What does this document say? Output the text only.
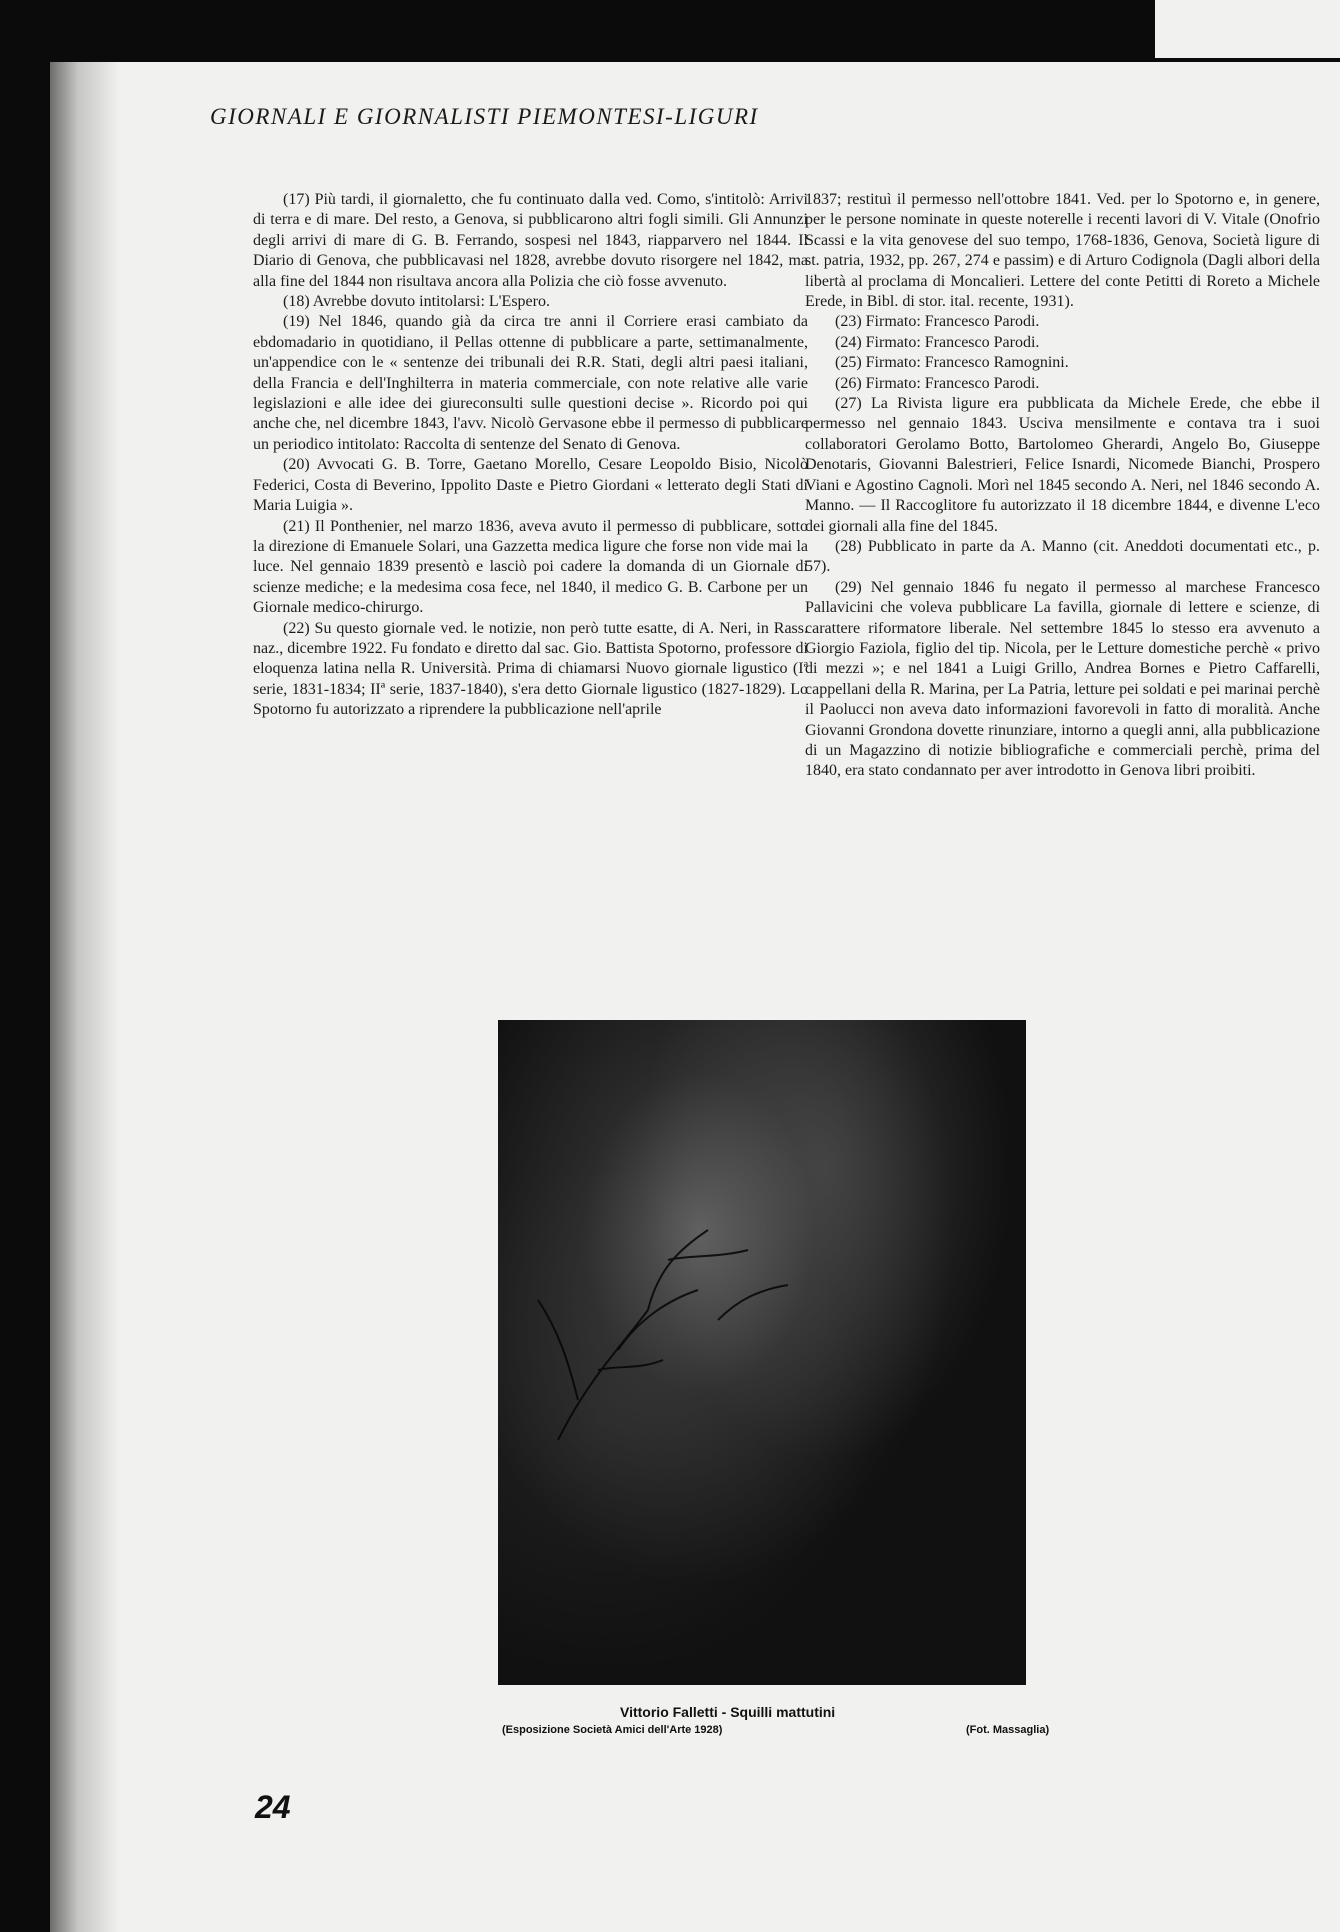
GIORNALI E GIORNALISTI PIEMONTESI-LIGURI

(17) Più tardi, il giornaletto, che fu continuato dalla ved. Como, s'intitolò: Arrivi di terra e di mare. Del resto, a Genova, si pubblicarono altri fogli simili. Gli Annunzi degli arrivi di mare di G. B. Ferrando, sospesi nel 1843, riapparvero nel 1844. Il Diario di Genova, che pubblicavasi nel 1828, avrebbe dovuto risorgere nel 1842, ma alla fine del 1844 non risultava ancora alla Polizia che ciò fosse avvenuto.

(18) Avrebbe dovuto intitolarsi: L'Espero.

(19) Nel 1846, quando già da circa tre anni il Corriere erasi cambiato da ebdomadario in quotidiano, il Pellas ottenne di pubblicare a parte, settimanalmente, un'appendice con le « sentenze dei tribunali dei R.R. Stati, degli altri paesi italiani, della Francia e dell'Inghilterra in materia commerciale, con note relative alle varie legislazioni e alle idee dei giureconsulti sulle questioni decise ». Ricordo poi qui anche che, nel dicembre 1843, l'avv. Nicolò Gervasone ebbe il permesso di pubblicare un periodico intitolato: Raccolta di sentenze del Senato di Genova.

(20) Avvocati G. B. Torre, Gaetano Morello, Cesare Leopoldo Bisio, Nicolò Federici, Costa di Beverino, Ippolito Daste e Pietro Giordani « letterato degli Stati di Maria Luigia ».

(21) Il Ponthenier, nel marzo 1836, aveva avuto il permesso di pubblicare, sotto la direzione di Emanuele Solari, una Gazzetta medica ligure che forse non vide mai la luce. Nel gennaio 1839 presentò e lasciò poi cadere la domanda di un Giornale di scienze mediche; e la medesima cosa fece, nel 1840, il medico G. B. Carbone per un Giornale medico-chirurgo.

(22) Su questo giornale ved. le notizie, non però tutte esatte, di A. Neri, in Rass. naz., dicembre 1922. Fu fondato e diretto dal sac. Gio. Battista Spotorno, professore di eloquenza latina nella R. Università. Prima di chiamarsi Nuovo giornale ligustico (Iª serie, 1831-1834; IIª serie, 1837-1840), s'era detto Giornale ligustico (1827-1829). Lo Spotorno fu autorizzato a riprendere la pubblicazione nell'aprile

1837; restituì il permesso nell'ottobre 1841. Ved. per lo Spotorno e, in genere, per le persone nominate in queste noterelle i recenti lavori di V. Vitale (Onofrio Scassi e la vita genovese del suo tempo, 1768-1836, Genova, Società ligure di st. patria, 1932, pp. 267, 274 e passim) e di Arturo Codignola (Dagli albori della libertà al proclama di Moncalieri. Lettere del conte Petitti di Roreto a Michele Erede, in Bibl. di stor. ital. recente, 1931).

(23) Firmato: Francesco Parodi.

(24) Firmato: Francesco Parodi.

(25) Firmato: Francesco Ramognini.

(26) Firmato: Francesco Parodi.

(27) La Rivista ligure era pubblicata da Michele Erede, che ebbe il permesso nel gennaio 1843. Usciva mensilmente e contava tra i suoi collaboratori Gerolamo Botto, Bartolomeo Gherardi, Angelo Bo, Giuseppe Denotaris, Giovanni Balestrieri, Felice Isnardi, Nicomede Bianchi, Prospero Viani e Agostino Cagnoli. Morì nel 1845 secondo A. Neri, nel 1846 secondo A. Manno. — Il Raccoglitore fu autorizzato il 18 dicembre 1844, e divenne L'eco dei giornali alla fine del 1845.

(28) Pubblicato in parte da A. Manno (cit. Aneddoti documentati etc., p. 57).

(29) Nel gennaio 1846 fu negato il permesso al marchese Francesco Pallavicini che voleva pubblicare La favilla, giornale di lettere e scienze, di carattere riformatore liberale. Nel settembre 1845 lo stesso era avvenuto a Giorgio Faziola, figlio del tip. Nicola, per le Letture domestiche perchè « privo di mezzi »; e nel 1841 a Luigi Grillo, Andrea Bornes e Pietro Caffarelli, cappellani della R. Marina, per La Patria, letture pei soldati e pei marinai perchè il Paolucci non aveva dato informazioni favorevoli in fatto di moralità. Anche Giovanni Grondona dovette rinunziare, intorno a quegli anni, alla pubblicazione di un Magazzino di notizie bibliografiche e commerciali perchè, prima del 1840, era stato condannato per aver introdotto in Genova libri proibiti.

Vittorio Falletti - Squilli mattutini
(Esposizione Società Amici dell'Arte 1928)	(Fot. Massaglia)
24
